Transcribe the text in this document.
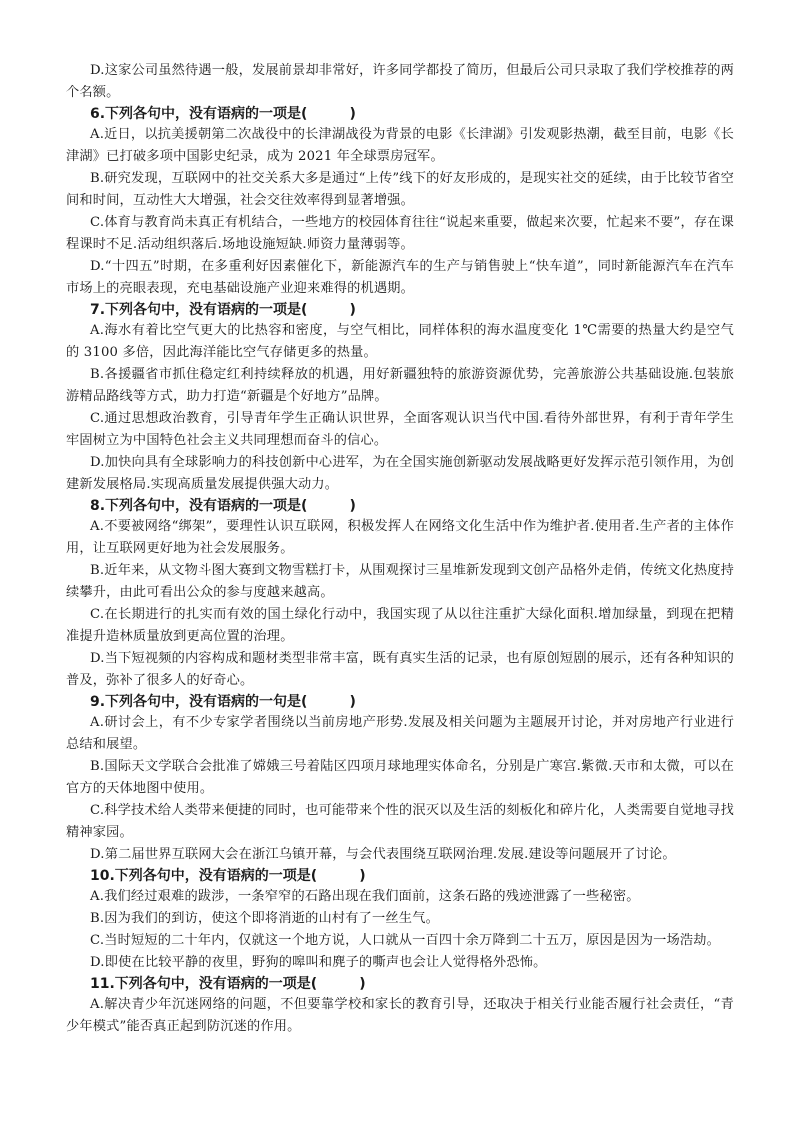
D.这家公司虽然待遇一般，发展前景却非常好，许多同学都投了简历，但最后公司只录取了我们学校推荐的两个名额。

6.下列各句中，没有语病的一项是(　　　)

A.近日，以抗美援朝第二次战役中的长津湖战役为背景的电影《长津湖》引发观影热潮，截至目前，电影《长津湖》已打破多项中国影史纪录，成为 2021 年全球票房冠军。

B.研究发现，互联网中的社交关系大多是通过“上传”线下的好友形成的，是现实社交的延续，由于比较节省空间和时间，互动性大大增强，社会交往效率得到显著增强。

C.体育与教育尚未真正有机结合，一些地方的校园体育往往“说起来重要，做起来次要，忙起来不要”，存在课程课时不足.活动组织落后.场地设施短缺.师资力量薄弱等。

D.“十四五”时期，在多重利好因素催化下，新能源汽车的生产与销售驶上“快车道”，同时新能源汽车在汽车市场上的亮眼表现，充电基础设施产业迎来难得的机遇期。

7.下列各句中，没有语病的一项是(　　　)

A.海水有着比空气更大的比热容和密度，与空气相比，同样体积的海水温度变化 1℃需要的热量大约是空气的 3100 多倍，因此海洋能比空气存储更多的热量。

B.各援疆省市抓住稳定红利持续释放的机遇，用好新疆独特的旅游资源优势，完善旅游公共基础设施.包装旅游精品路线等方式，助力打造“新疆是个好地方”品牌。

C.通过思想政治教育，引导青年学生正确认识世界，全面客观认识当代中国.看待外部世界，有利于青年学生牢固树立为中国特色社会主义共同理想而奋斗的信心。

D.加快向具有全球影响力的科技创新中心进军，为在全国实施创新驱动发展战略更好发挥示范引领作用，为创建新发展格局.实现高质量发展提供强大动力。

8.下列各句中，没有语病的一项是(　　　)

A.不要被网络“绑架”，要理性认识互联网，积极发挥人在网络文化生活中作为维护者.使用者.生产者的主体作用，让互联网更好地为社会发展服务。

B.近年来，从文物斗图大赛到文物雪糕打卡，从围观探讨三星堆新发现到文创产品格外走俏，传统文化热度持续攀升，由此可看出公众的参与度越来越高。

C.在长期进行的扎实而有效的国土绿化行动中，我国实现了从以往注重扩大绿化面积.增加绿量，到现在把精准提升造林质量放到更高位置的治理。

D.当下短视频的内容构成和题材类型非常丰富，既有真实生活的记录，也有原创短剧的展示，还有各种知识的普及，弥补了很多人的好奇心。

9.下列各句中，没有语病的一句是(　　　)

A.研讨会上，有不少专家学者围绕以当前房地产形势.发展及相关问题为主题展开讨论，并对房地产行业进行总结和展望。

B.国际天文学联合会批准了嫦娥三号着陆区四项月球地理实体命名，分别是广寒宫.紫微.天市和太微，可以在官方的天体地图中使用。

C.科学技术给人类带来便捷的同时，也可能带来个性的泯灭以及生活的刻板化和碎片化，人类需要自觉地寻找精神家园。

D.第二届世界互联网大会在浙江乌镇开幕，与会代表围绕互联网治理.发展.建设等问题展开了讨论。

10.下列各句中，没有语病的一项是(　　　)

A.我们经过艰难的跋涉，一条窄窄的石路出现在我们面前，这条石路的残迹泄露了一些秘密。

B.因为我们的到访，使这个即将消逝的山村有了一丝生气。

C.当时短短的二十年内，仅就这一个地方说，人口就从一百四十余万降到二十五万，原因是因为一场浩劫。

D.即使在比较平静的夜里，野狗的嗥叫和麂子的嘶声也会让人觉得格外恐怖。

11.下列各句中，没有语病的一项是(　　　)

A.解决青少年沉迷网络的问题，不但要靠学校和家长的教育引导，还取决于相关行业能否履行社会责任，“青少年模式”能否真正起到防沉迷的作用。
